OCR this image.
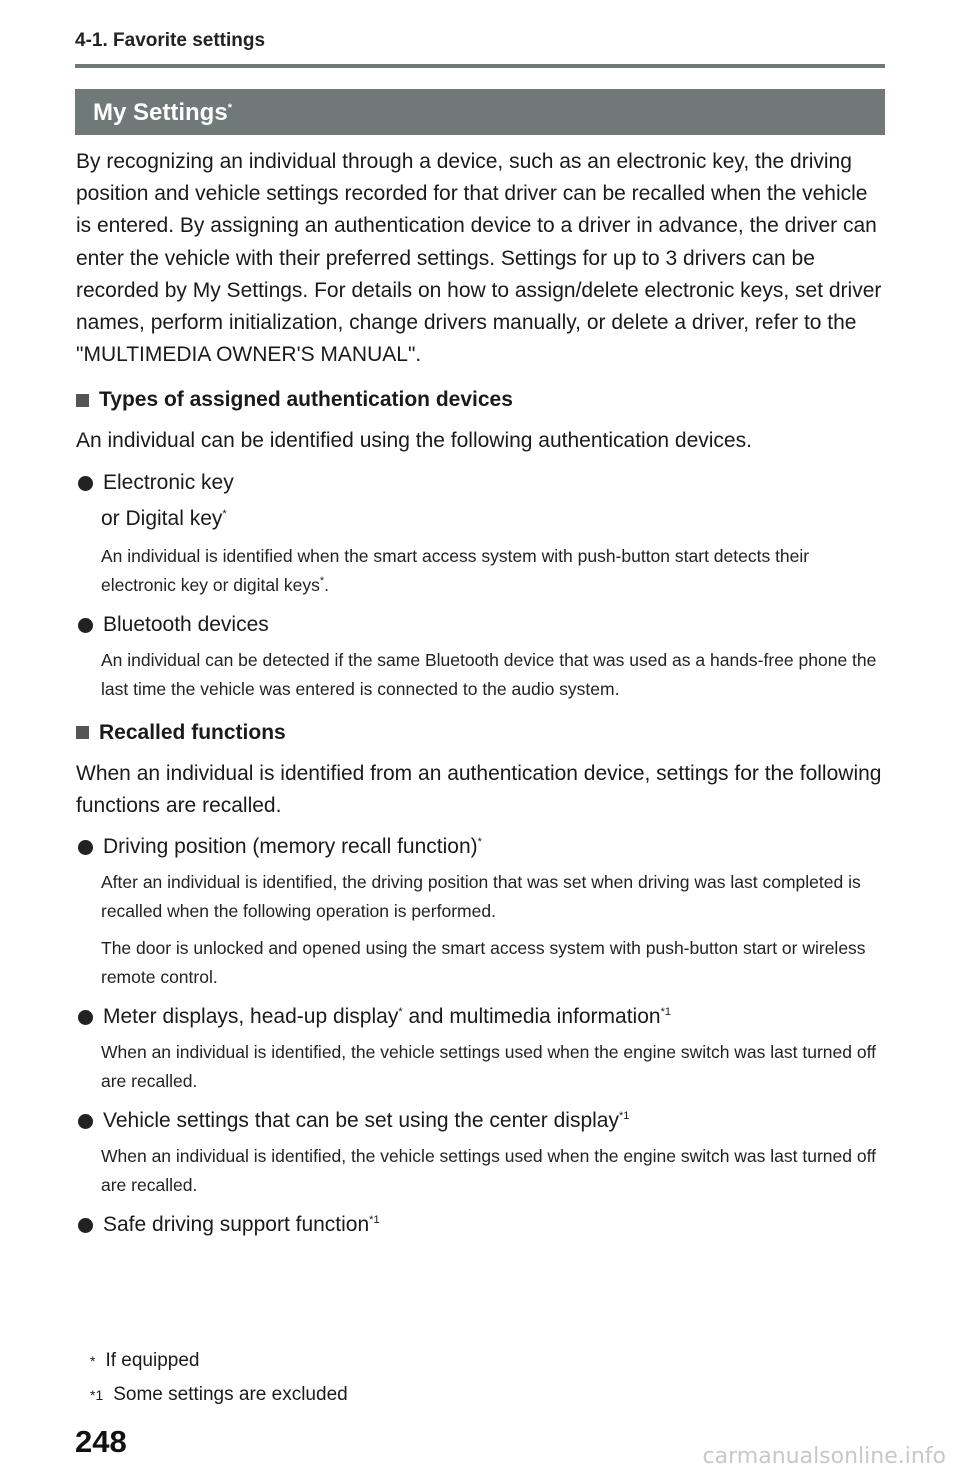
4-1. Favorite settings
My Settings*

By recognizing an individual through a device, such as an electronic key, the driving position and vehicle settings recorded for that driver can be recalled when the vehicle is entered. By assigning an authentication device to a driver in advance, the driver can enter the vehicle with their preferred settings. Settings for up to 3 drivers can be recorded by My Settings. For details on how to assign/delete electronic keys, set driver names, perform initialization, change drivers manually, or delete a driver, refer to the "MULTIMEDIA OWNER'S MANUAL".

Types of assigned authentication devices

An individual can be identified using the following authentication devices.

Electronic key
or Digital key*
An individual is identified when the smart access system with push-button start detects their electronic key or digital keys*.
Bluetooth devices
An individual can be detected if the same Bluetooth device that was used as a hands-free phone the last time the vehicle was entered is connected to the audio system.
Recalled functions

When an individual is identified from an authentication device, settings for the following functions are recalled.

Driving position (memory recall function)*
After an individual is identified, the driving position that was set when driving was last completed is recalled when the following operation is performed.
The door is unlocked and opened using the smart access system with push-button start or wireless remote control.
Meter displays, head-up display* and multimedia information$^{*1}$
When an individual is identified, the vehicle settings used when the engine switch was last turned off are recalled.
Vehicle settings that can be set using the center display$^{*1}$
When an individual is identified, the vehicle settings used when the engine switch was last turned off are recalled.
Safe driving support function$^{*1}$
* If equipped
*1 Some settings are excluded
248	carmanualsonline.info
